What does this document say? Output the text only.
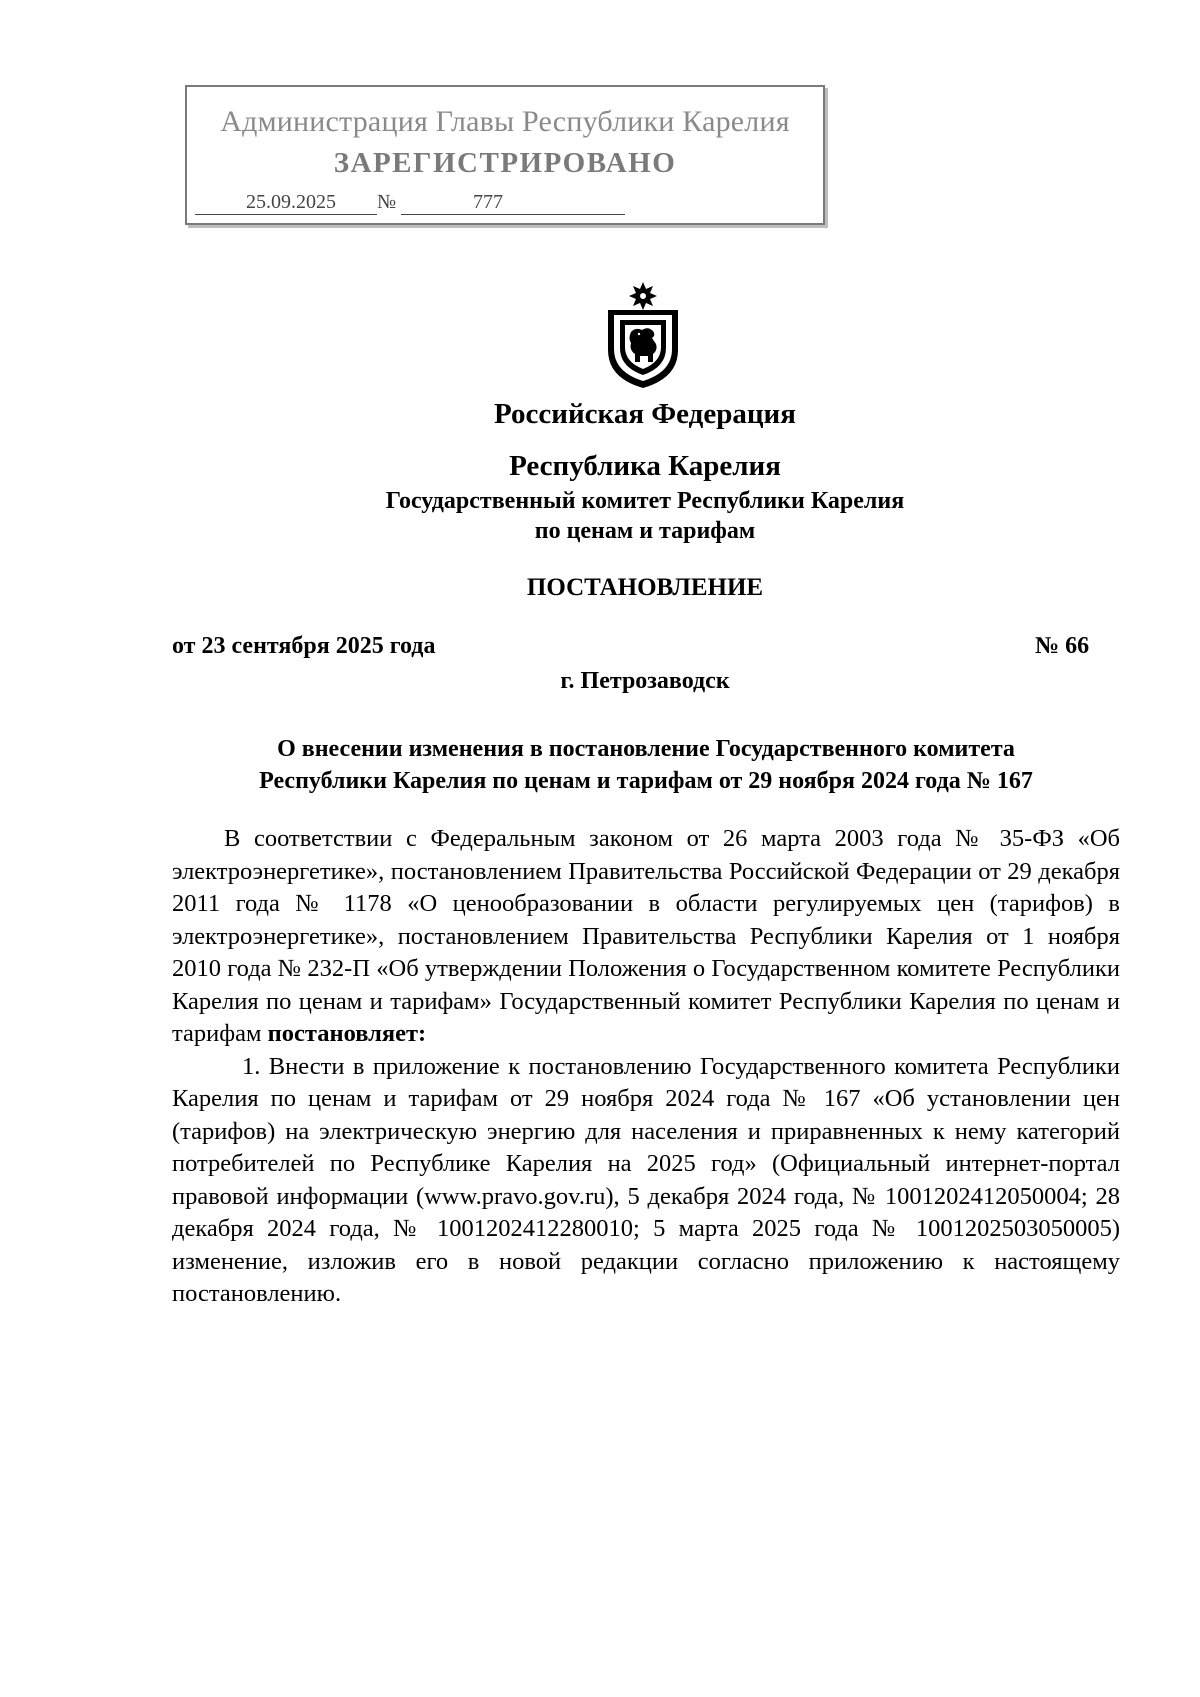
Администрация Главы Республики Карелия
ЗАРЕГИСТРИРОВАНО
25.09.2025 №	777
Российская Федерация
Республика Карелия
Государственный комитет Республики Карелия
по ценам и тарифам
ПОСТАНОВЛЕНИЕ
от 23 сентября 2025 года	№ 66
г. Петрозаводск
О внесении изменения в постановление Государственного комитета
Республики Карелия по ценам и тарифам от 29 ноября 2024 года № 167

В соответствии с Федеральным законом от 26 марта 2003 года № 35-ФЗ «Об электроэнергетике», постановлением Правительства Российской Федерации от 29 декабря 2011 года № 1178 «О ценообразовании в области регулируемых цен (тарифов) в электроэнергетике», постановлением Правительства Республики Карелия от 1 ноября 2010 года № 232-П «Об утверждении Положения о Государственном комитете Республики Карелия по ценам и тарифам» Государственный комитет Республики Карелия по ценам и тарифам постановляет:

1. Внести в приложение к постановлению Государственного комитета Республики Карелия по ценам и тарифам от 29 ноября 2024 года № 167 «Об установлении цен (тарифов) на электрическую энергию для населения и приравненных к нему категорий потребителей по Республике Карелия на 2025 год» (Официальный интернет-портал правовой информации (www.pravo.gov.ru), 5 декабря 2024 года, № 1001202412050004; 28 декабря 2024 года, № 1001202412280010; 5 марта 2025 года № 1001202503050005) изменение, изложив его в новой редакции согласно приложению к настоящему постановлению.
